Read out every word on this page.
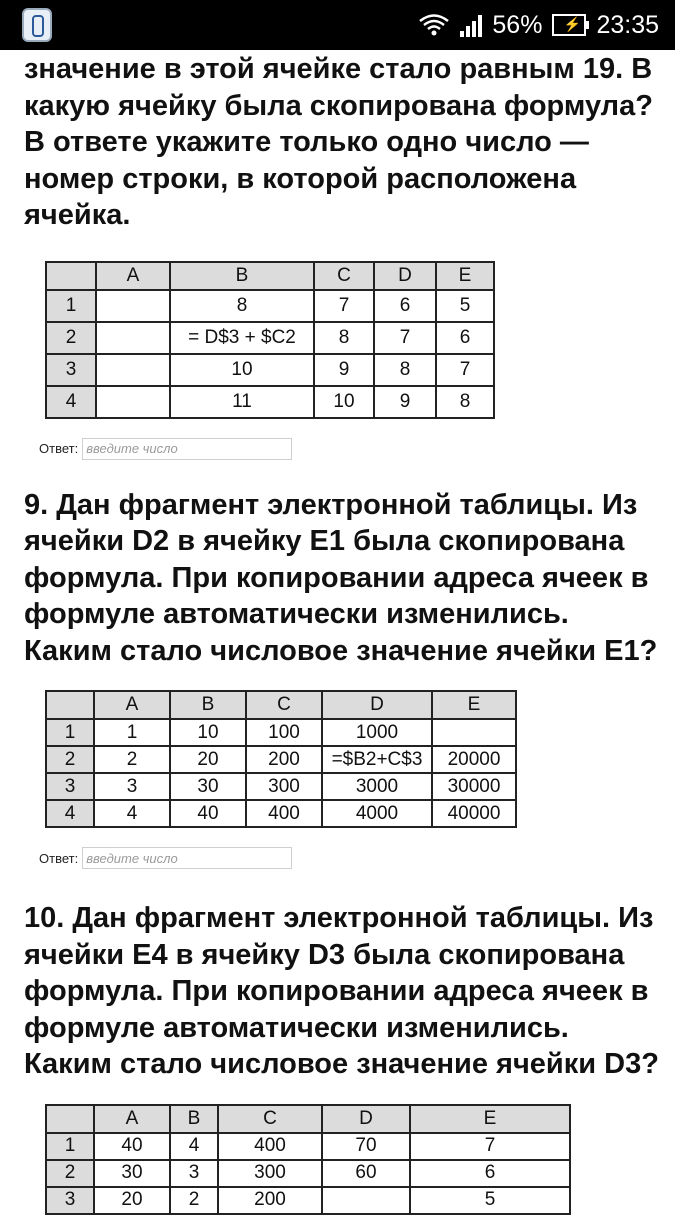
56% ⚡ 23:35

значение в этой ячейке стало равным 19. В какую ячейку была скопирована формула? В ответе укажите только одно число — номер строки, в которой расположена ячейка.

	A	B	C	D	E
1		8	7	6	5
2		= D$3 + $C2	8	7	6
3		10	9	8	7
4		11	10	9	8
Ответ:
введите число

9. Дан фрагмент электронной таблицы. Из ячейки D2 в ячейку E1 была скопирована формула. При копировании адреса ячеек в формуле автоматически изменились. Каким стало числовое значение ячейки E1?

	A	B	C	D	E
1	1	10	100	1000	
2	2	20	200	=$B2+C$3	20000
3	3	30	300	3000	30000
4	4	40	400	4000	40000
Ответ:
введите число

10. Дан фрагмент электронной таблицы. Из ячейки E4 в ячейку D3 была скопирована формула. При копировании адреса ячеек в формуле автоматически изменились. Каким стало числовое значение ячейки D3?

	A	B	C	D	E
1	40	4	400	70	7
2	30	3	300	60	6
3	20	2	200		5
